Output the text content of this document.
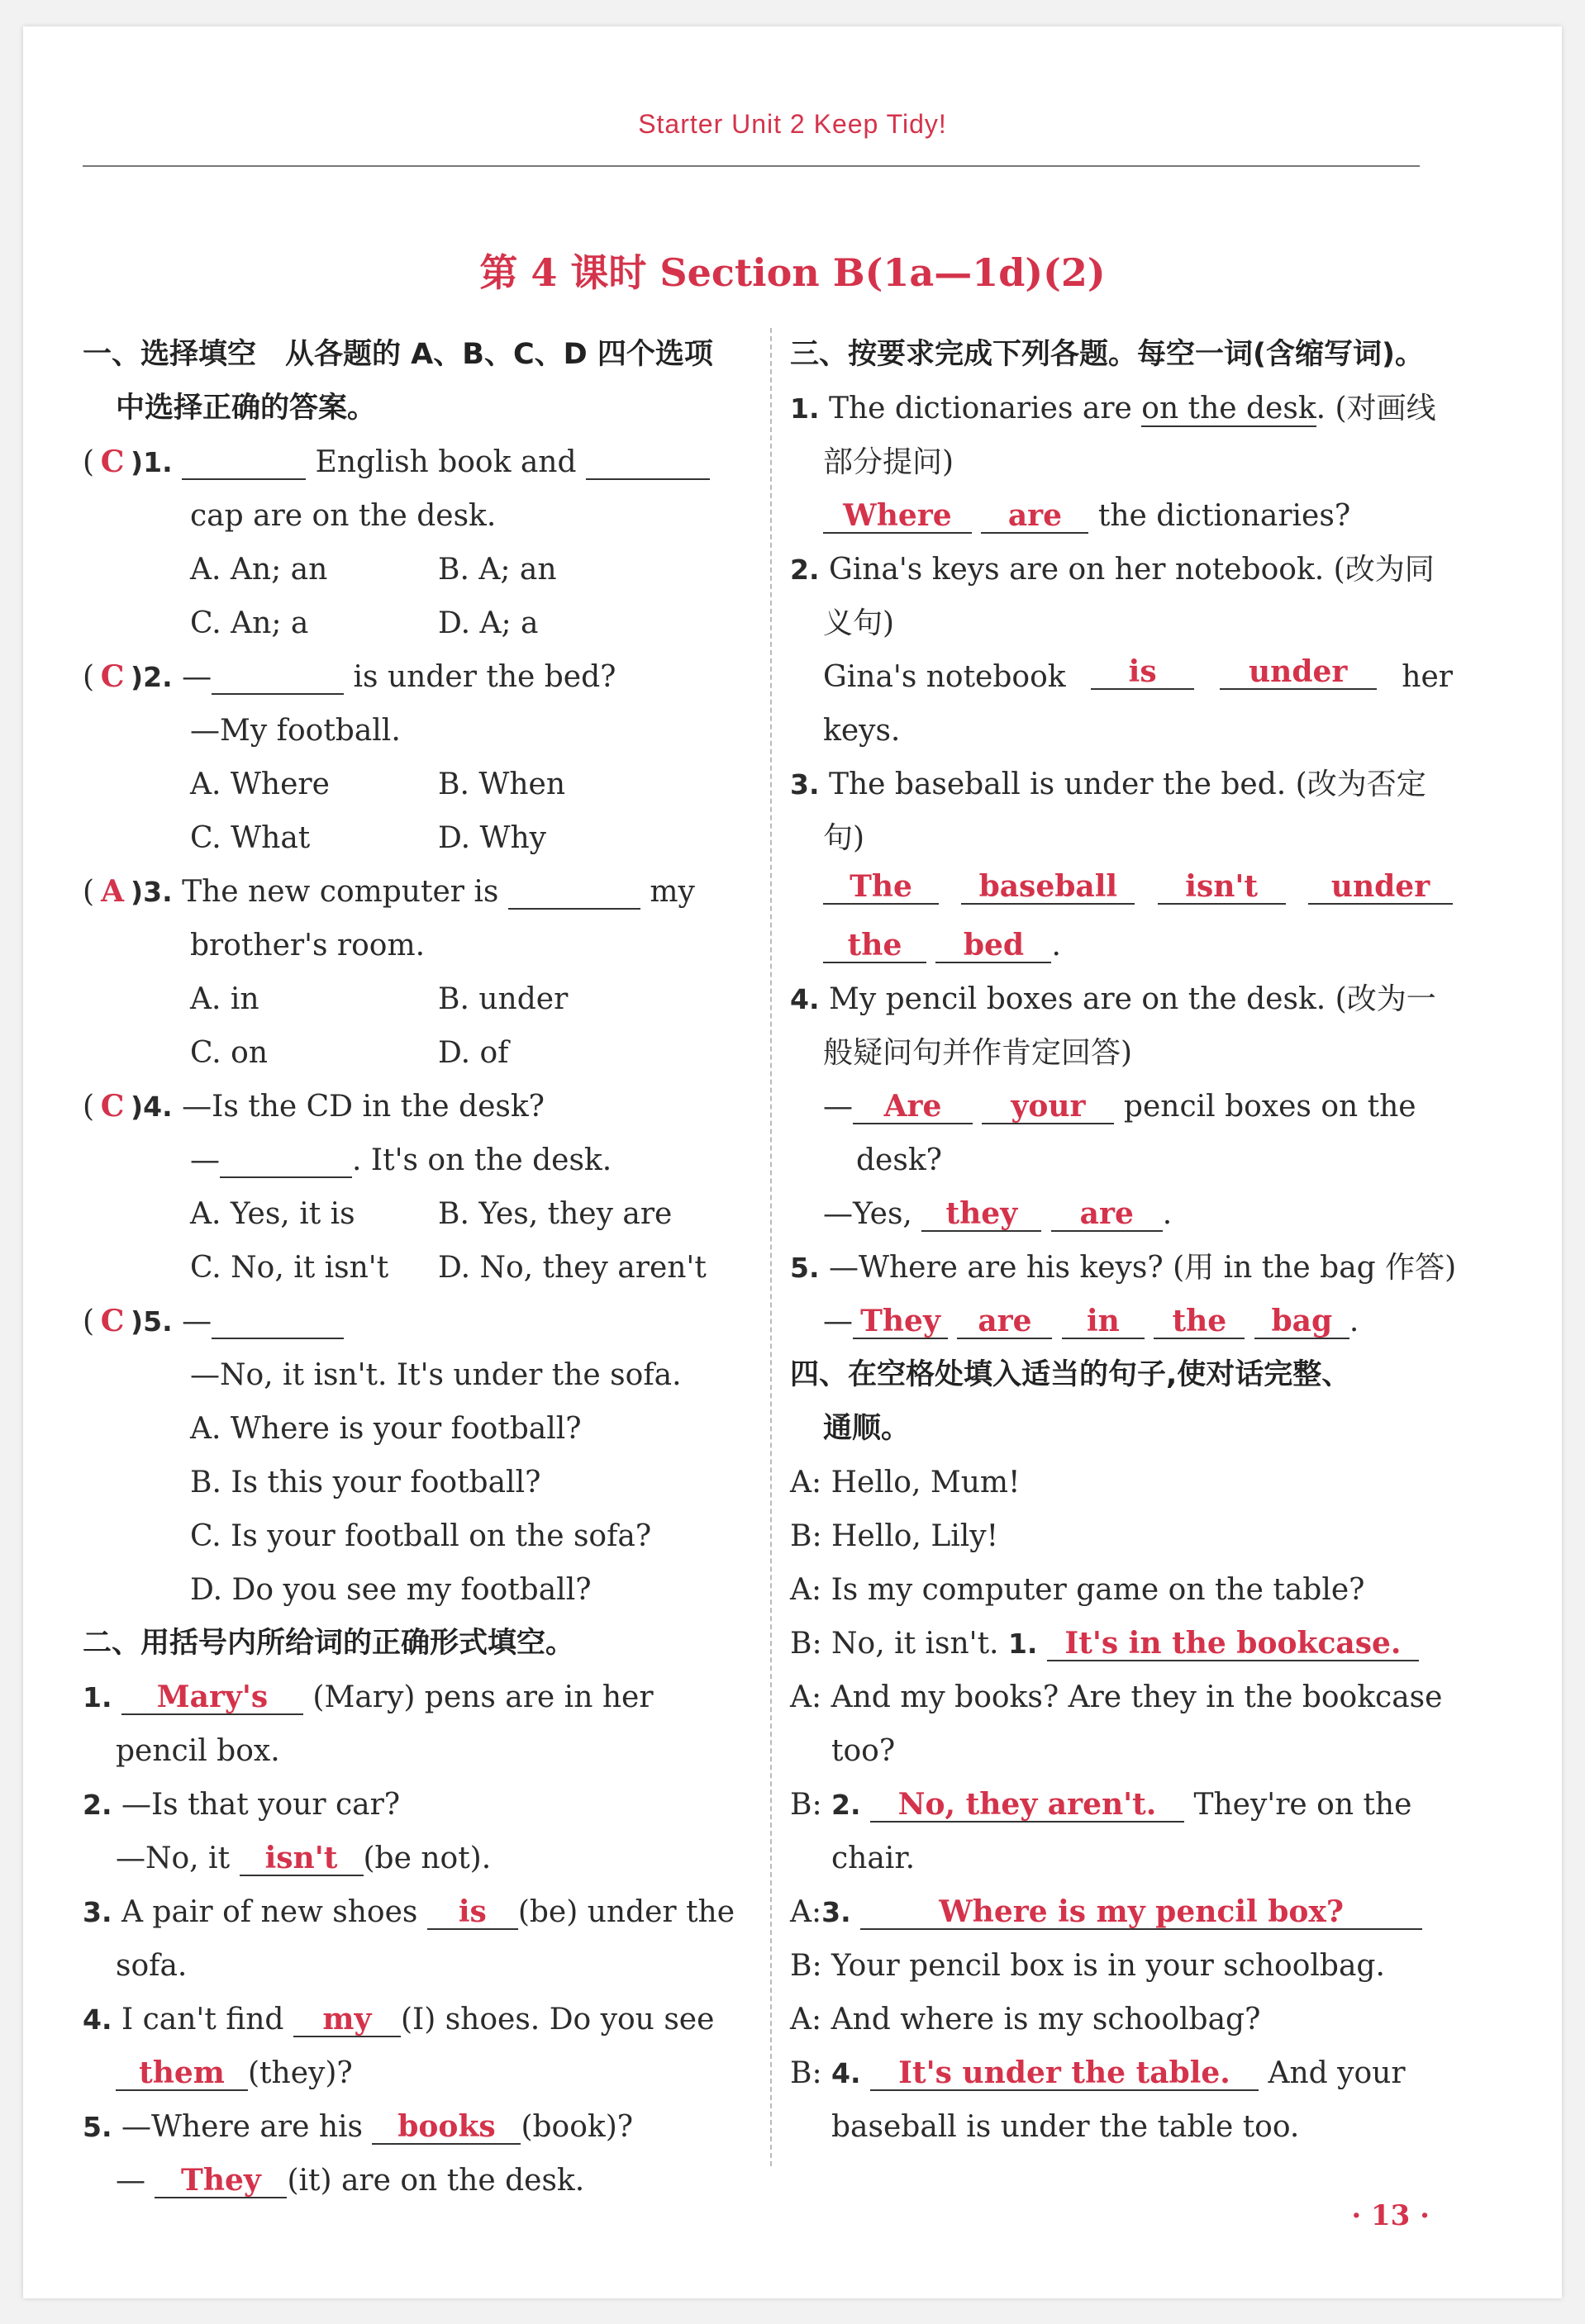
Starter Unit 2 Keep Tidy!
第 4 课时 Section B(1a—1d)(2)
一、选择填空　从各题的 A、B、C、D 四个选项
中选择正确的答案。
( C )1.	English book and
cap are on the desk.
A. An; an	B. A; an
C. An; a	D. A; a
( C )2. —	is under the bed?
—My football.
A. Where	B. When
C. What	D. Why
( A )3. The new computer is	my
brother's room.
A. in	B. under
C. on	D. of
( C )4. —Is the CD in the desk?
—	. It's on the desk.
A. Yes, it is	B. Yes, they are
C. No, it isn't D. No, they aren't
( C )5. —
—No, it isn't. It's under the sofa.
A. Where is your football?
B. Is this your football?
C. Is your football on the sofa?
D. Do you see my football?
二、用括号内所给词的正确形式填空。
1. Mary's (Mary) pens are in her
pencil box.
2. —Is that your car?
—No, it isn't (be not).
3. A pair of new shoes is (be) under the
sofa.
4. I can't find my (I) shoes. Do you see
them (they)?
5. —Where are his books (book)?
— They (it) are on the desk.
三、按要求完成下列各题。每空一词(含缩写词)。
1. The dictionaries are on the desk. (对画线
部分提问)
Where are the dictionaries?
2. Gina's keys are on her notebook. (改为同
义句)
Gina's notebook	is	under	her
keys.
3. The baseball is under the bed. (改为否定
句)
The	baseball	isn't	under
the bed .
4. My pencil boxes are on the desk. (改为一
般疑问句并作肯定回答)
— Are your pencil boxes on the
desk?
—Yes, they are .
5. —Where are his keys? (用 in the bag 作答)
— They are in the bag .
四、在空格处填入适当的句子,使对话完整、
通顺。
A: Hello, Mum!
B: Hello, Lily!
A: Is my computer game on the table?
B: No, it isn't. 1. It's in the bookcase.
A: And my books? Are they in the bookcase
too?
B: 2. No, they aren't. They're on the
chair.
A:3.	Where is my pencil box?
B: Your pencil box is in your schoolbag.
A: And where is my schoolbag?
B: 4. It's under the table. And your
baseball is under the table too.
· 13 ·
